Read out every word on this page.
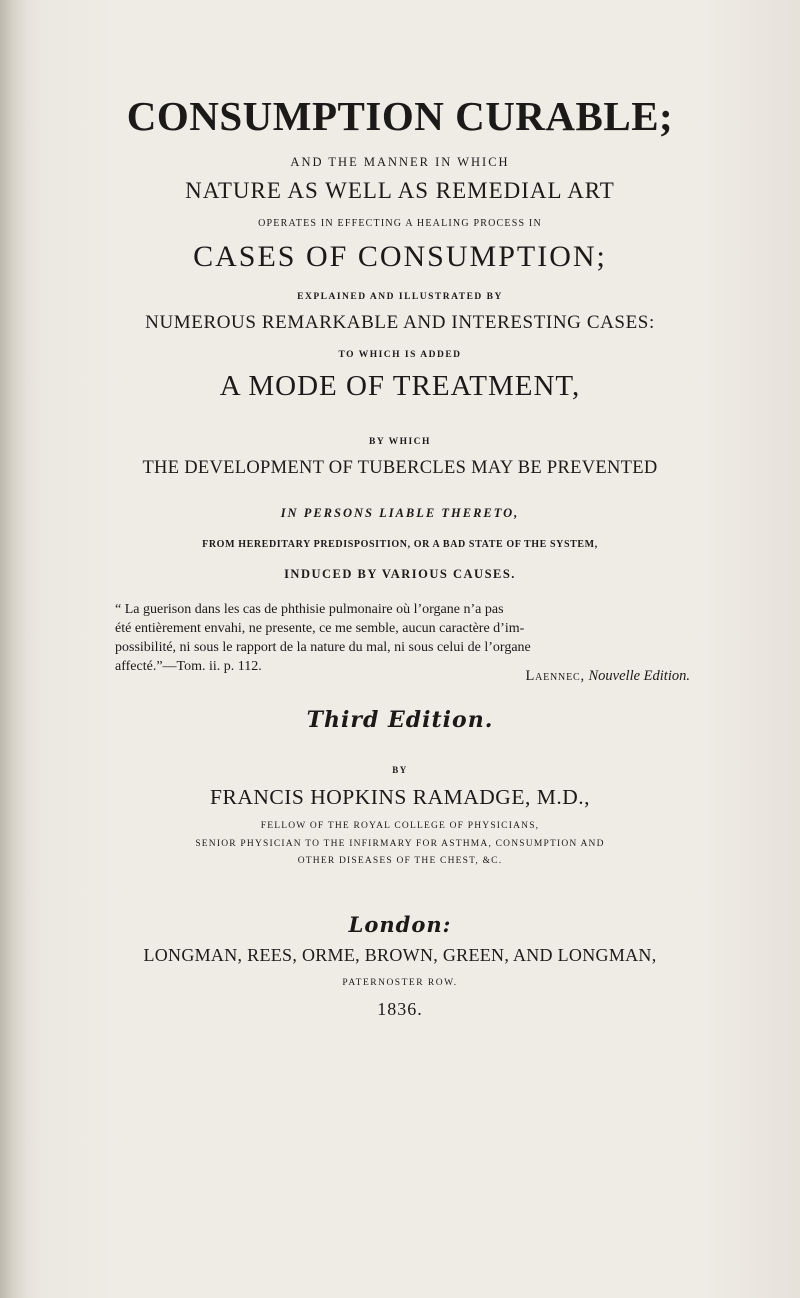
CONSUMPTION CURABLE;
AND THE MANNER IN WHICH
NATURE AS WELL AS REMEDIAL ART
OPERATES IN EFFECTING A HEALING PROCESS IN
CASES OF CONSUMPTION;
EXPLAINED AND ILLUSTRATED BY
NUMEROUS REMARKABLE AND INTERESTING CASES:
TO WHICH IS ADDED
A MODE OF TREATMENT,
BY WHICH
THE DEVELOPMENT OF TUBERCLES MAY BE PREVENTED
IN PERSONS LIABLE THERETO,
FROM HEREDITARY PREDISPOSITION, OR A BAD STATE OF THE SYSTEM,
INDUCED BY VARIOUS CAUSES.
“ La guerison dans les cas de phthisie pulmonaire où l’organe n’a pas
été entièrement envahi, ne presente, ce me semble, aucun caractère d’im-
possibilité, ni sous le rapport de la nature du mal, ni sous celui de l’organe
affecté.”—Tom. ii. p. 112.
Laennec, Nouvelle Edition.
Third Edition.
BY
FRANCIS HOPKINS RAMADGE, M.D.,
FELLOW OF THE ROYAL COLLEGE OF PHYSICIANS,
SENIOR PHYSICIAN TO THE INFIRMARY FOR ASTHMA, CONSUMPTION AND
OTHER DISEASES OF THE CHEST, &C.
London:
LONGMAN, REES, ORME, BROWN, GREEN, AND LONGMAN,
PATERNOSTER ROW.
1836.
